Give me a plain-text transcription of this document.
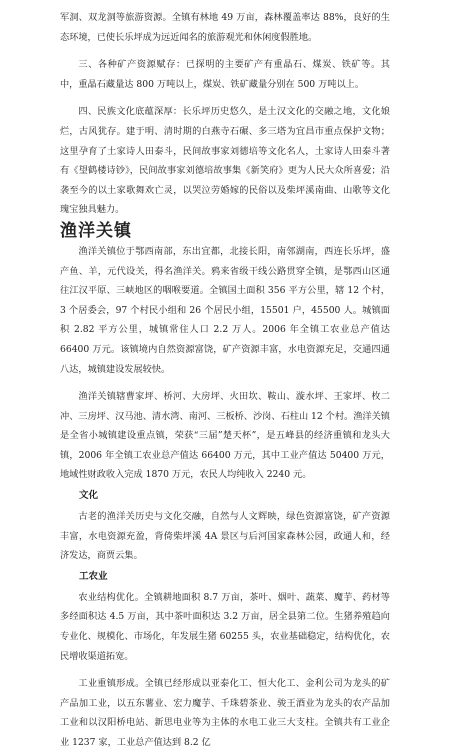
军洞、双龙洞等旅游资源。全镇有林地 49 万亩，森林覆盖率达 88%，良好的生态环境，已使长乐坪成为远近闻名的旅游观光和休闲度假胜地。

三、各种矿产资源赋存：已探明的主要矿产有重晶石、煤炭、铁矿等。其中，重晶石藏量达 800 万吨以上，煤炭、铁矿藏量分别在 500 万吨以上。

四、民族文化底蕴深厚：长乐坪历史悠久，是土汉文化的交融之地，文化娘烂，古风犹存。建于明、清时期的白燕寺石碾、多三塔为宜昌市重点保护文物；这里孕育了土家诗人田泰斗，民间故事家刘德培等文化名人，土家诗人田泰斗著有《望鹤楼诗钞》，民间故事家刘德培故事集《新笑府》更为人民大众所喜爱；沿袭至今的以土家歌舞欢亡灵，以哭泣劳婚嫁的民俗以及柴坪溪南曲、山歌等文化瑰宝独具魅力。

渔洋关镇

渔洋关镇位于鄂西南部，东出宜都，北接长阳，南邻湖南，西连长乐坪，盛产鱼、羊，元代设关，得名渔洋关。鸦来省级干线公路贯穿全镇，是鄂西山区通往江汉平原、三峡地区的咽喉要道。全镇国土面积 356 平方公里，辖 12 个村，3 个居委会，97 个村民小组和 26 个居民小组，15501 户，45500 人。城镇面积 2.82 平方公里，城镇常住人口 2.2 万人。2006 年全镇工农业总产值达 66400 万元。该镇境内自然资源富饶，矿产资源丰富，水电资源充足，交通四通八达，城镇建设发展较快。

渔洋关镇辖曹家坪、桥河、大房坪、火田坎、鞍山、漩水坪、王家坪、枚二冲、三房坪、汉马池、清水湾、南河、三板桥、沙岗、石柱山 12 个村。渔洋关镇是全省小城镇建设重点镇，荣获“三届”楚天杯”，是五峰县的经济重镇和龙头大镇，2006 年全镇工农业总产值达 66400 万元，其中工业产值达 50400 万元，地域性财政收入完成 1870 万元，农民人均纯收入 2240 元。

文化

古老的渔洋关历史与文化交融，自然与人文辉映，绿色资源富饶，矿产资源丰富，水电资源充盈，背倚柴坪溪 4A 景区与后河国家森林公园，政通人和，经济发达，商贾云集。

工农业

农业结构优化。全镇耕地面积 8.7 万亩，茶叶、烟叶、蔬菜、魔芋、药材等多经面积达 4.5 万亩，其中茶叶面积达 3.2 万亩，居全县第二位。生猪养殖趋向专业化、规模化、市场化，年发展生猪 60255 头，农业基础稳定，结构优化，农民增收渠道拓宽。

工业重镇形成。全镇已经形成以亚泰化工、恒大化工、金利公司为龙头的矿产品加工业，以五东薯业、宏力魔芋、千珠碧茶业、骏王酒业为龙头的农产品加工业和以汉阳桥电站、新思电业等为主体的水电工业三大支柱。全镇共有工业企业 1237 家，工业总产值达到 8.2 亿
